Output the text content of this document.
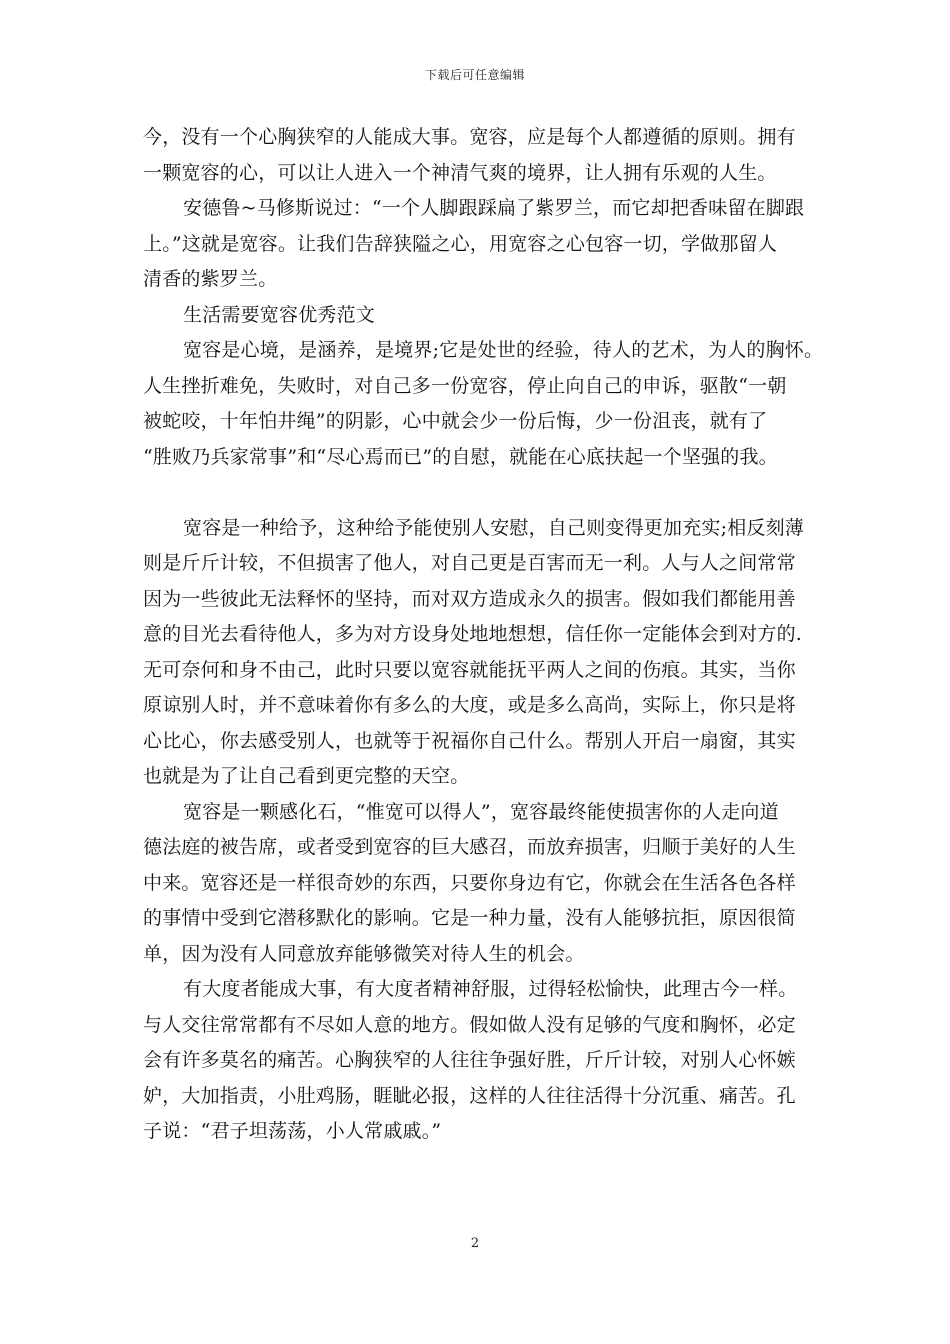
下载后可任意编辑
今，没有一个心胸狭窄的人能成大事。宽容，应是每个人都遵循的原则。拥有
一颗宽容的心，可以让人进入一个神清气爽的境界，让人拥有乐观的人生。
安德鲁~马修斯说过：“一个人脚跟踩扁了紫罗兰，而它却把香味留在脚跟
上。”这就是宽容。让我们告辞狭隘之心，用宽容之心包容一切，学做那留人
清香的紫罗兰。
生活需要宽容优秀范文
宽容是心境，是涵养，是境界;它是处世的经验，待人的艺术，为人的胸怀。
人生挫折难免，失败时，对自己多一份宽容，停止向自己的申诉，驱散“一朝
被蛇咬，十年怕井绳”的阴影，心中就会少一份后悔，少一份沮丧，就有了
“胜败乃兵家常事”和“尽心焉而已”的自慰，就能在心底扶起一个坚强的我。
宽容是一种给予，这种给予能使别人安慰，自己则变得更加充实;相反刻薄
则是斤斤计较，不但损害了他人，对自己更是百害而无一利。人与人之间常常
因为一些彼此无法释怀的坚持，而对双方造成永久的损害。假如我们都能用善
意的目光去看待他人，多为对方设身处地地想想，信任你一定能体会到对方的.
无可奈何和身不由己，此时只要以宽容就能抚平两人之间的伤痕。其实，当你
原谅别人时，并不意味着你有多么的大度，或是多么高尚，实际上，你只是将
心比心，你去感受别人，也就等于祝福你自己什么。帮别人开启一扇窗，其实
也就是为了让自己看到更完整的天空。
宽容是一颗感化石，“惟宽可以得人”，宽容最终能使损害你的人走向道
德法庭的被告席，或者受到宽容的巨大感召，而放弃损害，归顺于美好的人生
中来。宽容还是一样很奇妙的东西，只要你身边有它，你就会在生活各色各样
的事情中受到它潜移默化的影响。它是一种力量，没有人能够抗拒，原因很简
单，因为没有人同意放弃能够微笑对待人生的机会。
有大度者能成大事，有大度者精神舒服，过得轻松愉快，此理古今一样。
与人交往常常都有不尽如人意的地方。假如做人没有足够的气度和胸怀，必定
会有许多莫名的痛苦。心胸狭窄的人往往争强好胜，斤斤计较，对别人心怀嫉
妒，大加指责，小肚鸡肠，睚眦必报，这样的人往往活得十分沉重、痛苦。孔
子说：“君子坦荡荡，小人常戚戚。”
2
